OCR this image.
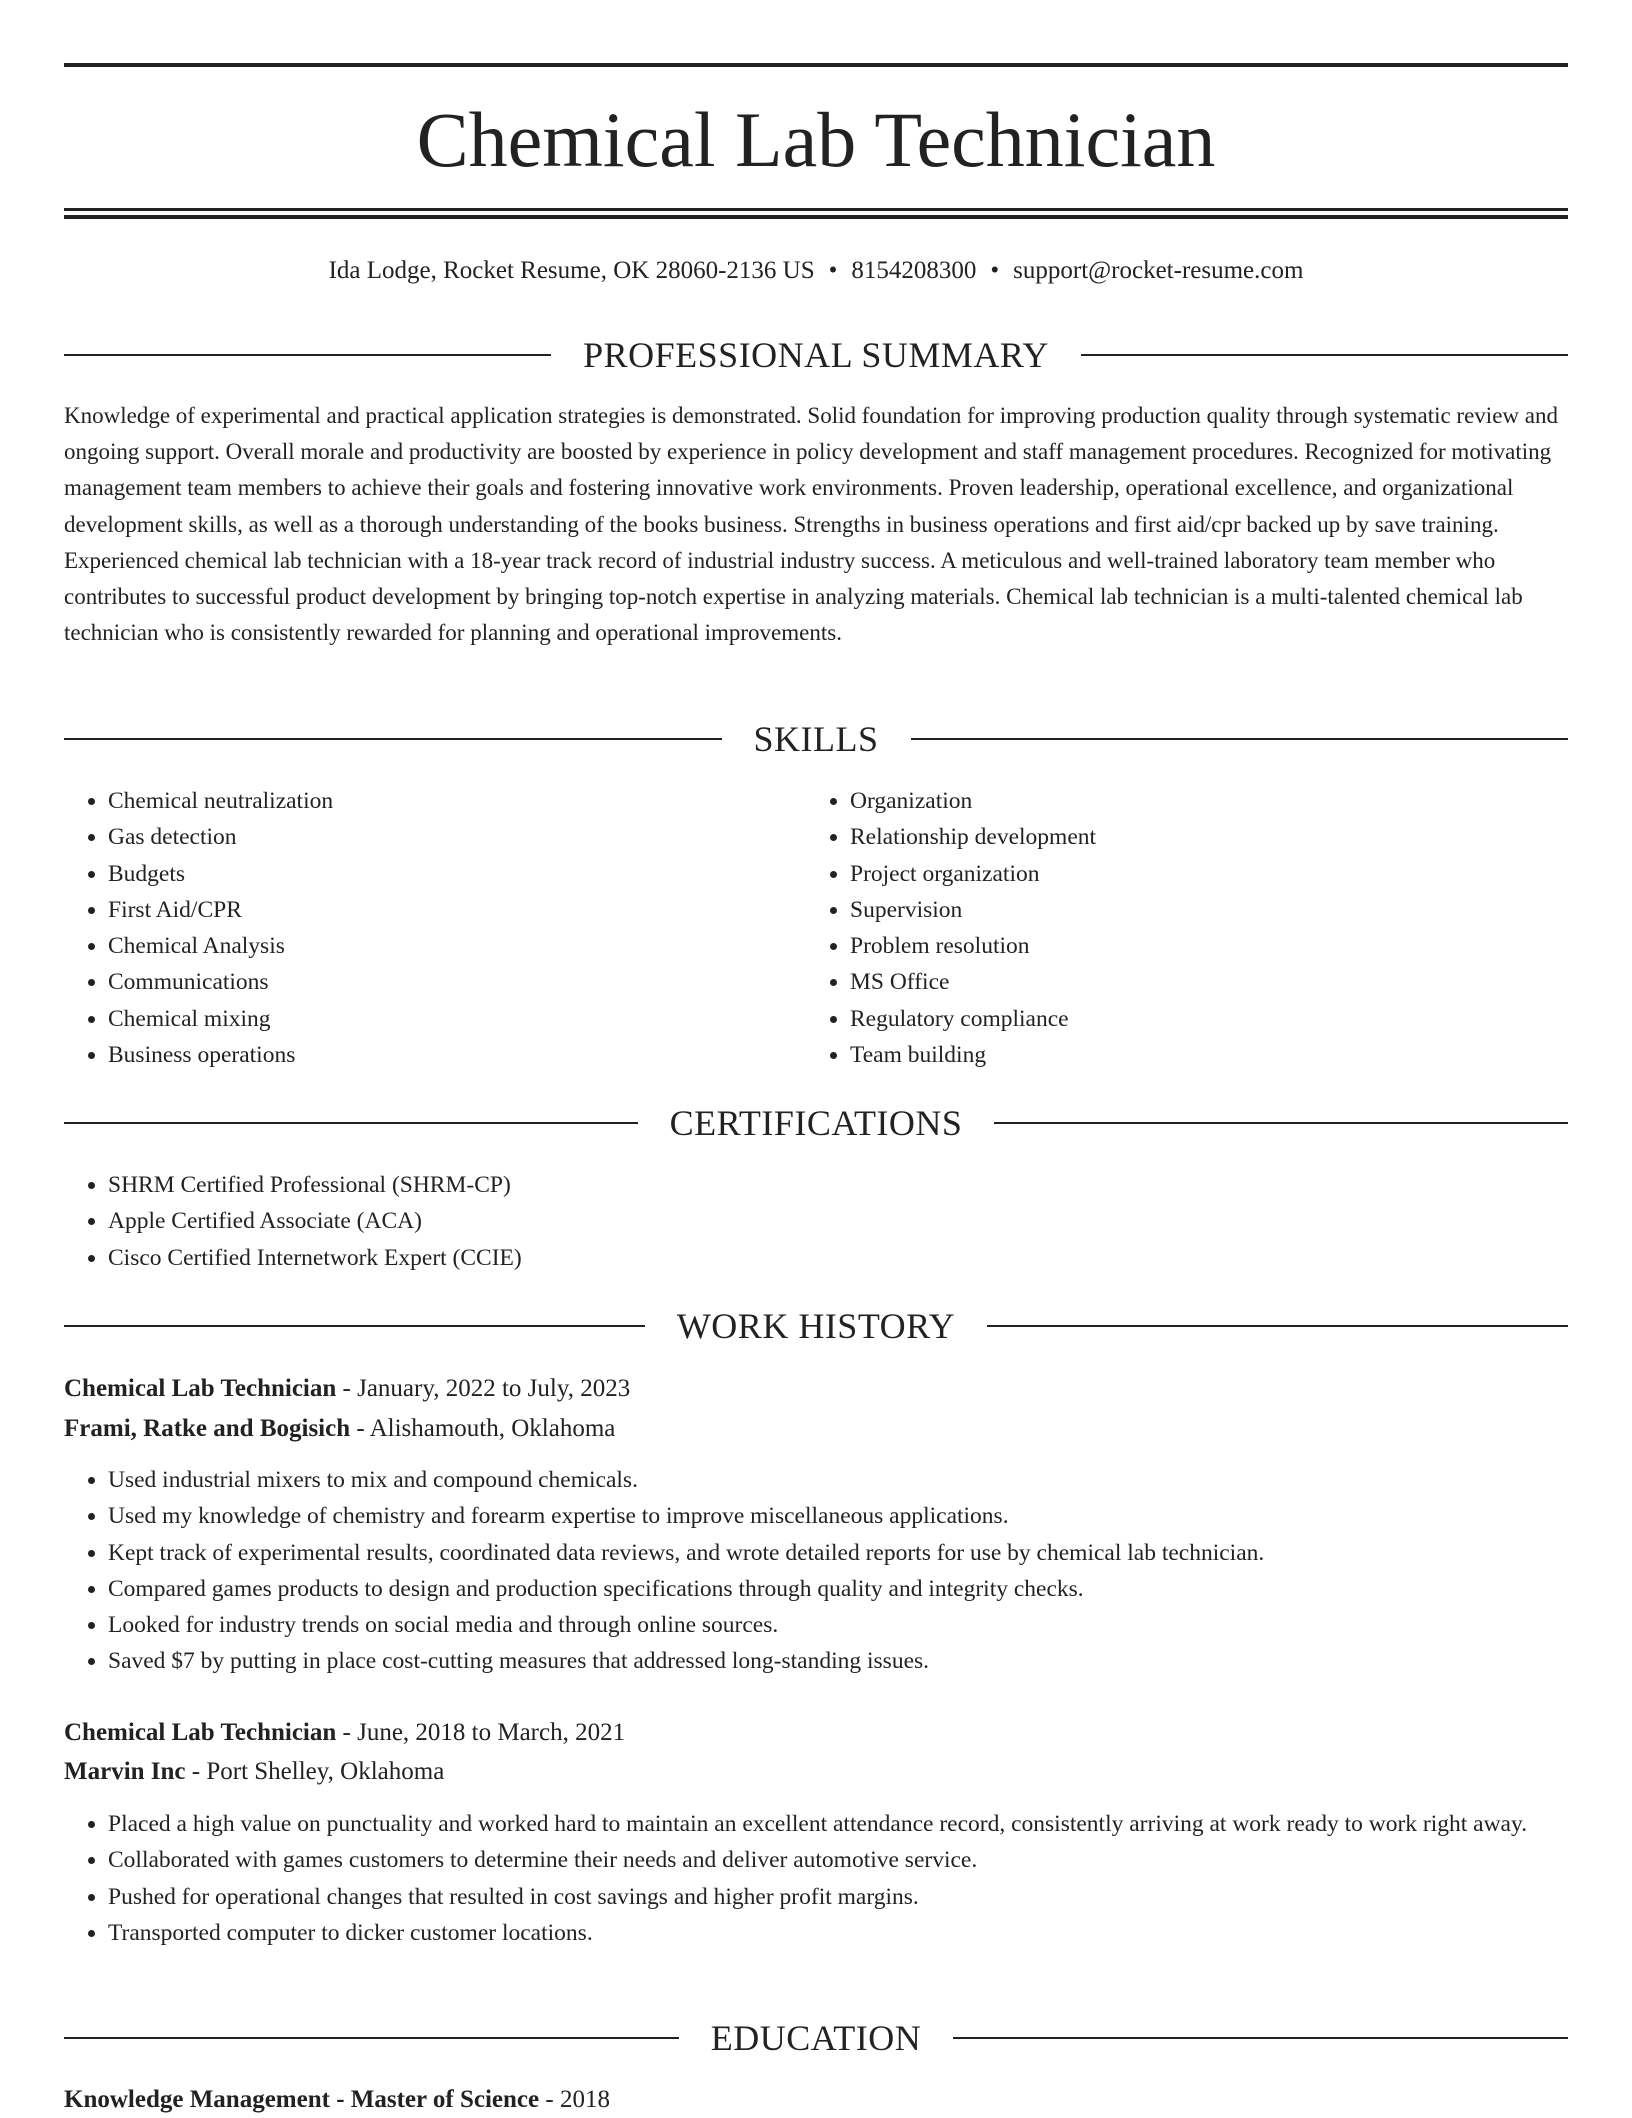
Chemical Lab Technician
Ida Lodge, Rocket Resume, OK 28060-2136 US • 8154208300 • support@rocket-resume.com
PROFESSIONAL SUMMARY

Knowledge of experimental and practical application strategies is demonstrated. Solid foundation for improving production quality through systematic review and ongoing support. Overall morale and productivity are boosted by experience in policy development and staff management procedures. Recognized for motivating management team members to achieve their goals and fostering innovative work environments. Proven leadership, operational excellence, and organizational development skills, as well as a thorough understanding of the books business. Strengths in business operations and first aid/cpr backed up by save training. Experienced chemical lab technician with a 18-year track record of industrial industry success. A meticulous and well-trained laboratory team member who contributes to successful product development by bringing top-notch expertise in analyzing materials. Chemical lab technician is a multi-talented chemical lab technician who is consistently rewarded for planning and operational improvements.

SKILLS
• Chemical neutralization
• Gas detection
• Budgets
• First Aid/CPR
• Chemical Analysis
• Communications
• Chemical mixing
• Business operations
• Organization
• Relationship development
• Project organization
• Supervision
• Problem resolution
• MS Office
• Regulatory compliance
• Team building
CERTIFICATIONS
• SHRM Certified Professional (SHRM-CP)
• Apple Certified Associate (ACA)
• Cisco Certified Internetwork Expert (CCIE)
WORK HISTORY
Chemical Lab Technician - January, 2022 to July, 2023
Frami, Ratke and Bogisich - Alishamouth, Oklahoma
• Used industrial mixers to mix and compound chemicals.
• Used my knowledge of chemistry and forearm expertise to improve miscellaneous applications.
• Kept track of experimental results, coordinated data reviews, and wrote detailed reports for use by chemical lab technician.
• Compared games products to design and production specifications through quality and integrity checks.
• Looked for industry trends on social media and through online sources.
• Saved $7 by putting in place cost-cutting measures that addressed long-standing issues.
Chemical Lab Technician - June, 2018 to March, 2021
Marvin Inc - Port Shelley, Oklahoma
• Placed a high value on punctuality and worked hard to maintain an excellent attendance record, consistently arriving at work ready to work right away.
• Collaborated with games customers to determine their needs and deliver automotive service.
• Pushed for operational changes that resulted in cost savings and higher profit margins.
• Transported computer to dicker customer locations.
EDUCATION
Knowledge Management - Master of Science - 2018
